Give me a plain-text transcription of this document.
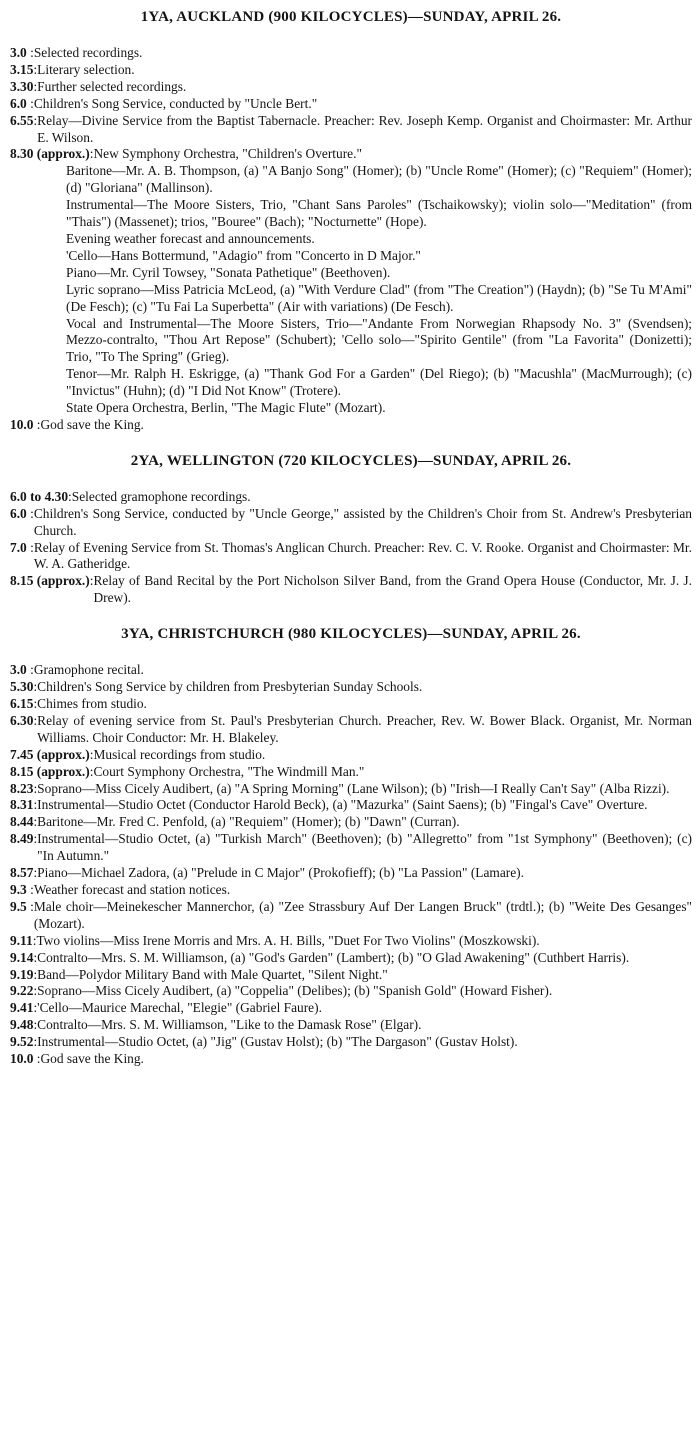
1YA, AUCKLAND (900 KILOCYCLES)—SUNDAY, APRIL 26.
3.0 : Selected recordings.
3.15: Literary selection.
3.30: Further selected recordings.
6.0 : Children's Song Service, conducted by "Uncle Bert."
6.55: Relay—Divine Service from the Baptist Tabernacle. Preacher: Rev. Joseph Kemp. Organist and Choirmaster: Mr. Arthur E. Wilson.
8.30 (approx.): New Symphony Orchestra, "Children's Overture."
Baritone—Mr. A. B. Thompson, (a) "A Banjo Song" (Homer); (b) "Uncle Rome" (Homer); (c) "Requiem" (Homer); (d) "Gloriana" (Mallinson).
Instrumental—The Moore Sisters, Trio, "Chant Sans Paroles" (Tschaikowsky); violin solo—"Meditation" (from "Thais") (Massenet); trios, "Bouree" (Bach); "Nocturnette" (Hope).
Evening weather forecast and announcements.
'Cello—Hans Bottermund, "Adagio" from "Concerto in D Major."
Piano—Mr. Cyril Towsey, "Sonata Pathetique" (Beethoven).
Lyric soprano—Miss Patricia McLeod, (a) "With Verdure Clad" (from "The Creation") (Haydn); (b) "Se Tu M'Ami" (De Fesch); (c) "Tu Fai La Superbetta" (Air with variations) (De Fesch).
Vocal and Instrumental—The Moore Sisters, Trio—"Andante From Norwegian Rhapsody No. 3" (Svendsen); Mezzo-contralto, "Thou Art Repose" (Schubert); 'Cello solo—"Spirito Gentile" (from "La Favorita" (Donizetti); Trio, "To The Spring" (Grieg).
Tenor—Mr. Ralph H. Eskrigge, (a) "Thank God For a Garden" (Del Riego); (b) "Macushla" (MacMurrough); (c) "Invictus" (Huhn); (d) "I Did Not Know" (Trotere).
State Opera Orchestra, Berlin, "The Magic Flute" (Mozart).
10.0 : God save the King.
2YA, WELLINGTON (720 KILOCYCLES)—SUNDAY, APRIL 26.
6.0 to 4.30: Selected gramophone recordings.
6.0 : Children's Song Service, conducted by "Uncle George," assisted by the Children's Choir from St. Andrew's Presbyterian Church.
7.0 : Relay of Evening Service from St. Thomas's Anglican Church. Preacher: Rev. C. V. Rooke. Organist and Choirmaster: Mr. W. A. Gatheridge.
8.15 (approx.): Relay of Band Recital by the Port Nicholson Silver Band, from the Grand Opera House (Conductor, Mr. J. J. Drew).
3YA, CHRISTCHURCH (980 KILOCYCLES)—SUNDAY, APRIL 26.
3.0 : Gramophone recital.
5.30: Children's Song Service by children from Presbyterian Sunday Schools.
6.15: Chimes from studio.
6.30: Relay of evening service from St. Paul's Presbyterian Church. Preacher, Rev. W. Bower Black. Organist, Mr. Norman Williams. Choir Conductor: Mr. H. Blakeley.
7.45 (approx.): Musical recordings from studio.
8.15 (approx.): Court Symphony Orchestra, "The Windmill Man."
8.23: Soprano—Miss Cicely Audibert, (a) "A Spring Morning" (Lane Wilson); (b) "Irish—I Really Can't Say" (Alba Rizzi).
8.31: Instrumental—Studio Octet (Conductor Harold Beck), (a) "Mazurka" (Saint Saens); (b) "Fingal's Cave" Overture.
8.44: Baritone—Mr. Fred C. Penfold, (a) "Requiem" (Homer); (b) "Dawn" (Curran).
8.49: Instrumental—Studio Octet, (a) "Turkish March" (Beethoven); (b) "Allegretto" from "1st Symphony" (Beethoven); (c) "In Autumn."
8.57: Piano—Michael Zadora, (a) "Prelude in C Major" (Prokofieff); (b) "La Passion" (Lamare).
9.3 : Weather forecast and station notices.
9.5 : Male choir—Meinekescher Mannerchor, (a) "Zee Strassbury Auf Der Langen Bruck" (trdtl.); (b) "Weite Des Gesanges" (Mozart).
9.11: Two violins—Miss Irene Morris and Mrs. A. H. Bills, "Duet For Two Violins" (Moszkowski).
9.14: Contralto—Mrs. S. M. Williamson, (a) "God's Garden" (Lambert); (b) "O Glad Awakening" (Cuthbert Harris).
9.19: Band—Polydor Military Band with Male Quartet, "Silent Night."
9.22: Soprano—Miss Cicely Audibert, (a) "Coppelia" (Delibes); (b) "Spanish Gold" (Howard Fisher).
9.41: 'Cello—Maurice Marechal, "Elegie" (Gabriel Faure).
9.48: Contralto—Mrs. S. M. Williamson, "Like to the Damask Rose" (Elgar).
9.52: Instrumental—Studio Octet, (a) "Jig" (Gustav Holst); (b) "The Dargason" (Gustav Holst).
10.0 : God save the King.
